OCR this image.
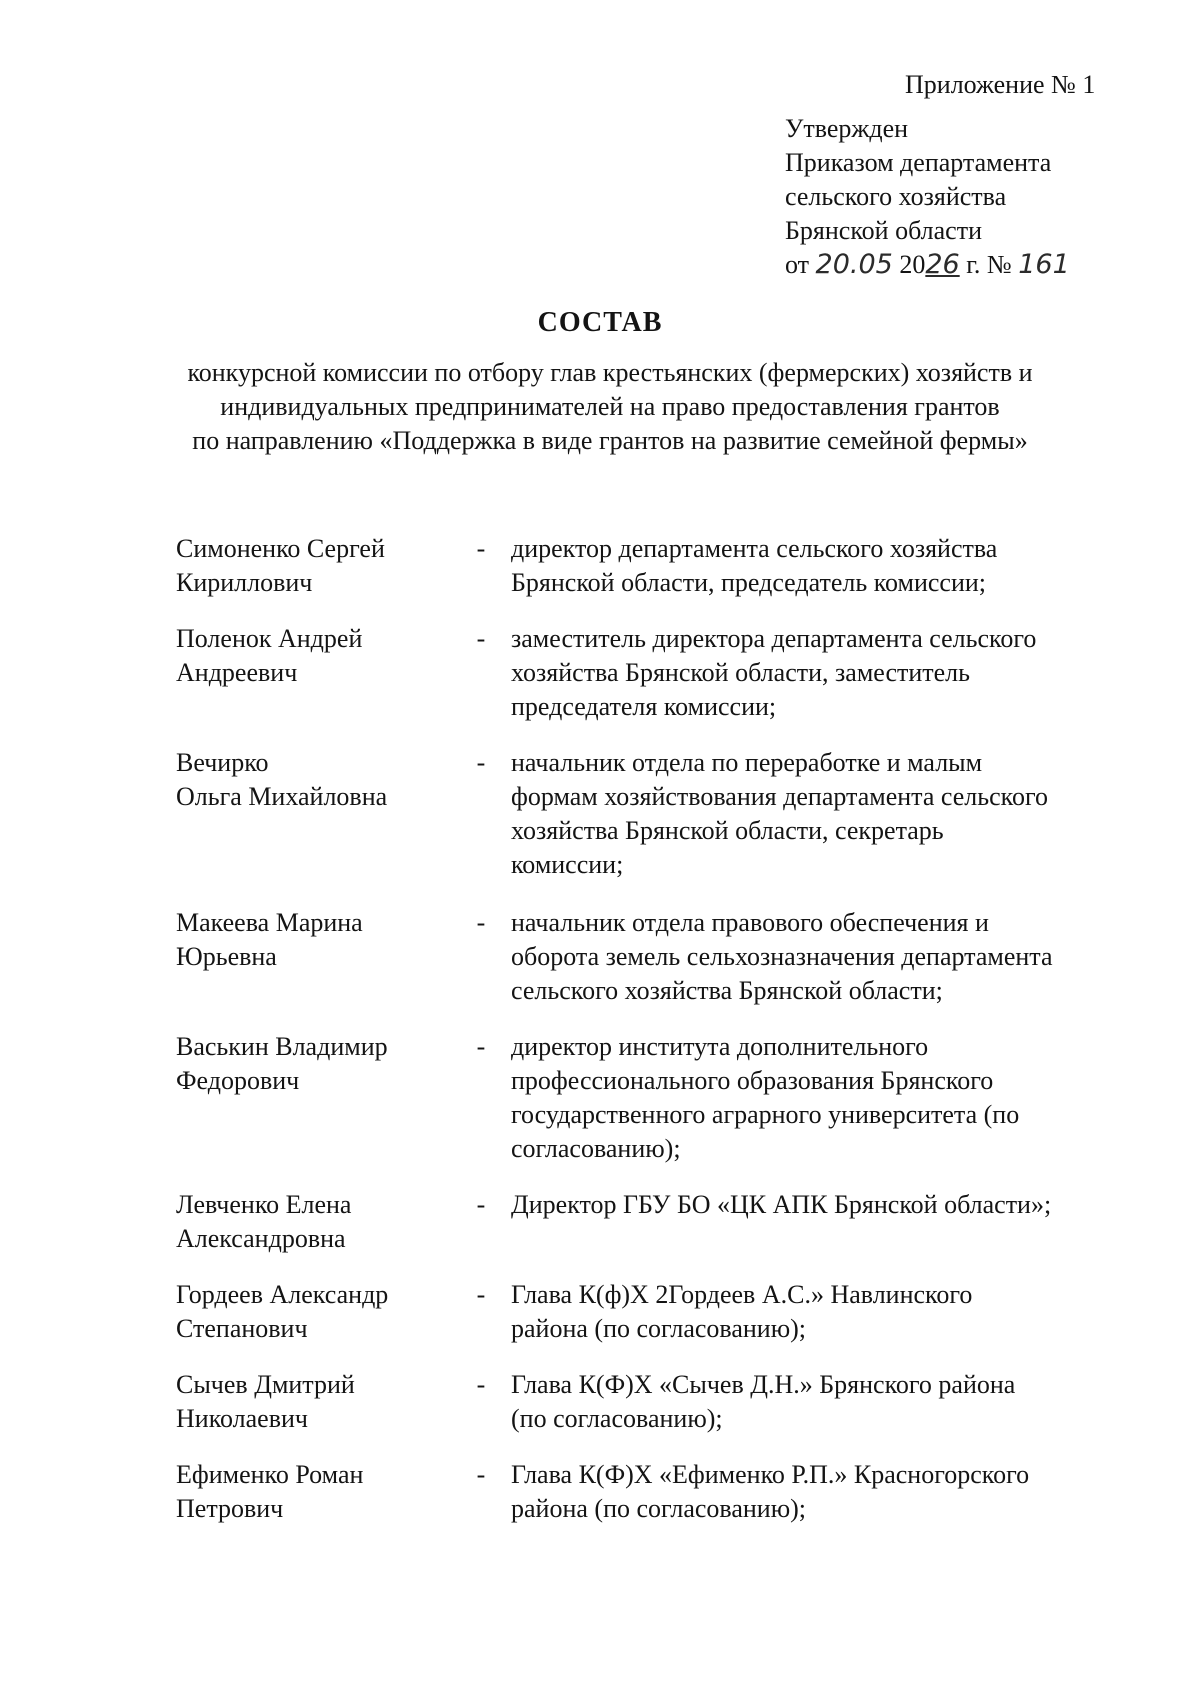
Приложение № 1
Утвержден
Приказом департамента
сельского хозяйства
Брянской области
от 20.05 2026 г. № 161
СОСТАВ
конкурсной комиссии по отбору глав крестьянских (фермерских) хозяйств и
индивидуальных предпринимателей на право предоставления грантов
по направлению «Поддержка в виде грантов на развитие семейной фермы»
Симоненко Сергей
Кириллович
- директор департамента сельского хозяйства
Брянской области, председатель комиссии;
Поленок Андрей
Андреевич
- заместитель директора департамента сельского
хозяйства Брянской области, заместитель
председателя комиссии;
Вечирко
Ольга Михайловна
- начальник отдела по переработке и малым
формам хозяйствования департамента сельского
хозяйства Брянской области, секретарь
комиссии;
Макеева Марина
Юрьевна
- начальник отдела правового обеспечения и
оборота земель сельхозназначения департамента
сельского хозяйства Брянской области;
Васькин Владимир
Федорович
- директор института дополнительного
профессионального образования Брянского
государственного аграрного университета (по
согласованию);
Левченко Елена
Александровна
- Директор ГБУ БО «ЦК АПК Брянской области»;
Гордеев Александр
Степанович
- Глава К(ф)Х 2Гордеев А.С.» Навлинского
района (по согласованию);
Сычев Дмитрий
Николаевич
- Глава К(Ф)Х «Сычев Д.Н.» Брянского района
(по согласованию);
Ефименко Роман
Петрович
- Глава К(Ф)Х «Ефименко Р.П.» Красногорского
района (по согласованию);
